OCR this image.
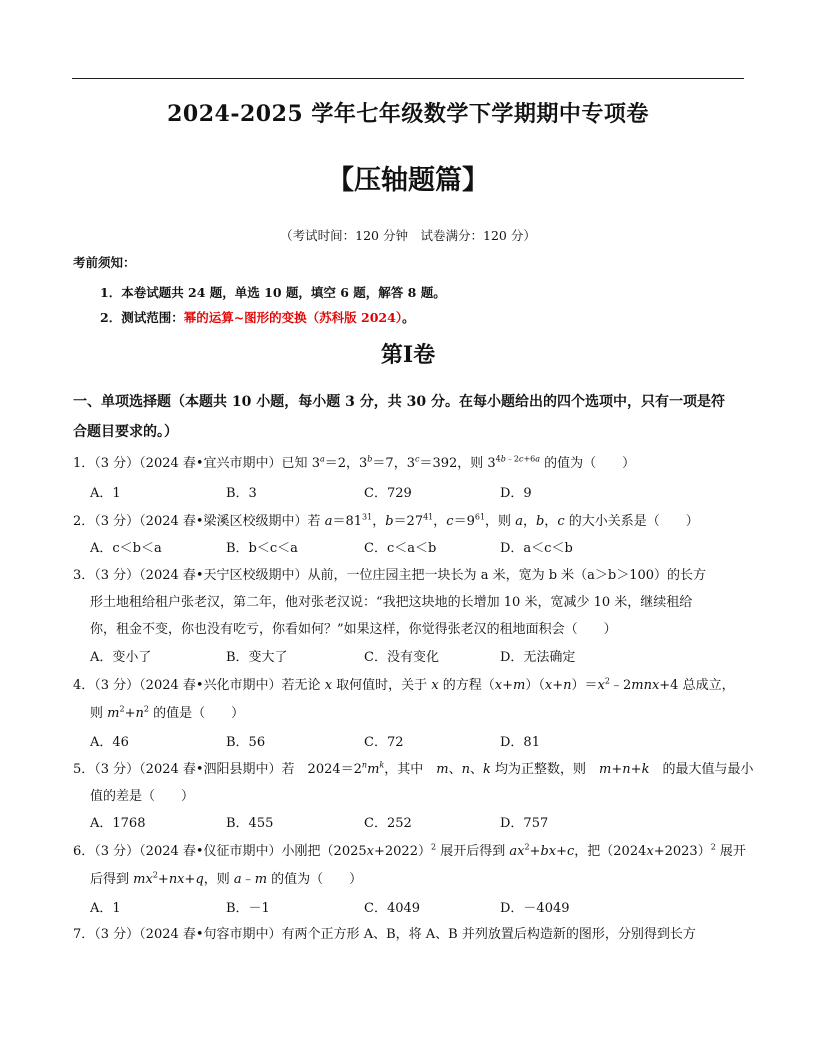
2024-2025 学年七年级数学下学期期中专项卷
【压轴题篇】
（考试时间：120 分钟　试卷满分：120 分）
考前须知：
1．本卷试题共 24 题，单选 10 题，填空 6 题，解答 8 题。
2．测试范围：幂的运算~图形的变换（苏科版 2024）。
第I卷
一、单项选择题（本题共 10 小题，每小题 3 分，共 30 分。在每小题给出的四个选项中，只有一项是符
合题目要求的。）
1．（3 分）（2024 春•宜兴市期中）已知 $3^a=2$，$3^b=7$，$3^c=392$，则 $3^{4b﹣2c+6a}$ 的值为（　　）
A．1	B．3	C．729	D．9
2．（3 分）（2024 春•梁溪区校级期中）若 $a=81^{31}$，$b=27^{41}$，$c=9^{61}$，则 a，b，c 的大小关系是（　　）
A．c＜b＜a	B．b＜c＜a	C．c＜a＜b	D．a＜c＜b
3．（3 分）（2024 春•天宁区校级期中）从前，一位庄园主把一块长为 a 米，宽为 b 米（a＞b＞100）的长方
形土地租给租户张老汉，第二年，他对张老汉说：“我把这块地的长增加 10 米，宽减少 10 米，继续租给
你，租金不变，你也没有吃亏，你看如何？”如果这样，你觉得张老汉的租地面积会（　　）
A．变小了	B．变大了	C．没有变化	D．无法确定
4．（3 分）（2024 春•兴化市期中）若无论 x 取何值时，关于 x 的方程$(x+m)(x+n)=x^2﹣2mnx+4$ 总成立，
则 $m^2+n^2$ 的值是（　　）
A．46	B．56	C．72	D．81
5．（3 分）（2024 春•泗阳县期中）若　$2024=2^nm^k$，其中　m、n、k 均为正整数，则　m+n+k　的最大值与最小
值的差是（　　）
A．1768	B．455	C．252	D．757
6．（3 分）（2024 春•仪征市期中）小刚把$(2025x+2022)^2$ 展开后得到 $ax^2+bx+c$，把$(2024x+2023)^2$ 展开
后得到 $mx^2+nx+q$，则 a﹣m 的值为（　　）
A．1	B．－1	C．4049	D．－4049
7．（3 分）（2024 春•句容市期中）有两个正方形 A、B，将 A、B 并列放置后构造新的图形，分别得到长方
